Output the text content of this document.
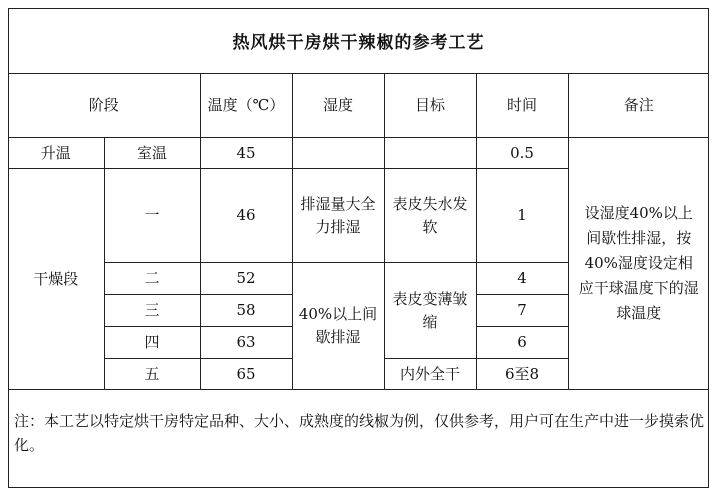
热风烘干房烘干辣椒的参考工艺
阶段		温度（℃）	湿度	目标	时间	备注
升温	室温	45			0.5	设湿度40%以上间歇性排湿，按40%湿度设定相应干球温度下的湿球温度
干燥段	一	46	排湿量大全力排湿	表皮失水发软	1	
	二	52	40%以上间歇排湿	表皮变薄皱缩	4	
	三	58			7	
	四	63			6	
	五	65		内外全干	6至8	
注：本工艺以特定烘干房特定品种、大小、成熟度的线椒为例，仅供参考，用户可在生产中进一步摸索优化。
